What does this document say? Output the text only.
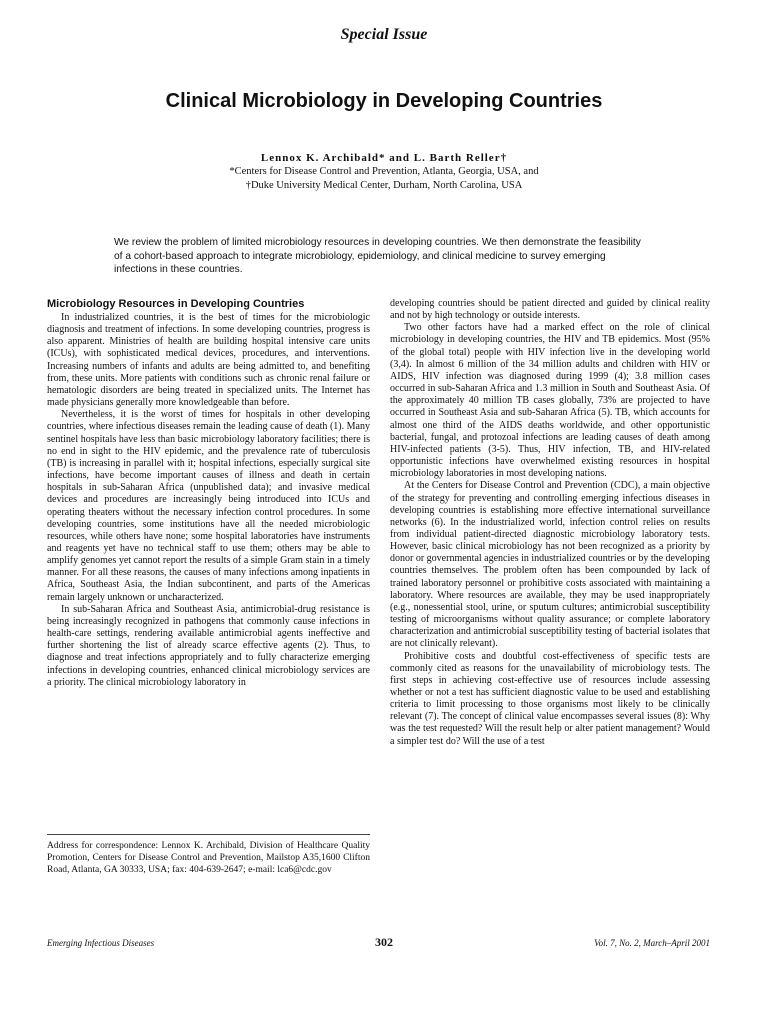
Special Issue
Clinical Microbiology in Developing Countries
Lennox K. Archibald* and L. Barth Reller†
*Centers for Disease Control and Prevention, Atlanta, Georgia, USA, and
†Duke University Medical Center, Durham, North Carolina, USA
We review the problem of limited microbiology resources in developing countries. We then demonstrate the feasibility of a cohort-based approach to integrate microbiology, epidemiology, and clinical medicine to survey emerging infections in these countries.
Microbiology Resources in Developing Countries

In industrialized countries, it is the best of times for the microbiologic diagnosis and treatment of infections. In some developing countries, progress is also apparent. Ministries of health are building hospital intensive care units (ICUs), with sophisticated medical devices, procedures, and interventions. Increasing numbers of infants and adults are being admitted to, and benefiting from, these units. More patients with conditions such as chronic renal failure or hematologic disorders are being treated in specialized units. The Internet has made physicians generally more knowledgeable than before.

Nevertheless, it is the worst of times for hospitals in other developing countries, where infectious diseases remain the leading cause of death (1). Many sentinel hospitals have less than basic microbiology laboratory facilities; there is no end in sight to the HIV epidemic, and the prevalence rate of tuberculosis (TB) is increasing in parallel with it; hospital infections, especially surgical site infections, have become important causes of illness and death in certain hospitals in sub-Saharan Africa (unpublished data); and invasive medical devices and procedures are increasingly being introduced into ICUs and operating theaters without the necessary infection control procedures. In some developing countries, some institutions have all the needed microbiologic resources, while others have none; some hospital laboratories have instruments and reagents yet have no technical staff to use them; others may be able to amplify genomes yet cannot report the results of a simple Gram stain in a timely manner. For all these reasons, the causes of many infections among inpatients in Africa, Southeast Asia, the Indian subcontinent, and parts of the Americas remain largely unknown or uncharacterized.

In sub-Saharan Africa and Southeast Asia, antimicrobial-drug resistance is being increasingly recognized in pathogens that commonly cause infections in health-care settings, rendering available antimicrobial agents ineffective and further shortening the list of already scarce effective agents (2). Thus, to diagnose and treat infections appropriately and to fully characterize emerging infections in developing countries, enhanced clinical microbiology services are a priority. The clinical microbiology laboratory in

Address for correspondence: Lennox K. Archibald, Division of Healthcare Quality Promotion, Centers for Disease Control and Prevention, Mailstop A35,1600 Clifton Road, Atlanta, GA 30333, USA; fax: 404-639-2647; e-mail: lca6@cdc.gov

developing countries should be patient directed and guided by clinical reality and not by high technology or outside interests.

Two other factors have had a marked effect on the role of clinical microbiology in developing countries, the HIV and TB epidemics. Most (95% of the global total) people with HIV infection live in the developing world (3,4). In almost 6 million of the 34 million adults and children with HIV or AIDS, HIV infection was diagnosed during 1999 (4); 3.8 million cases occurred in sub-Saharan Africa and 1.3 million in South and Southeast Asia. Of the approximately 40 million TB cases globally, 73% are projected to have occurred in Southeast Asia and sub-Saharan Africa (5). TB, which accounts for almost one third of the AIDS deaths worldwide, and other opportunistic bacterial, fungal, and protozoal infections are leading causes of death among HIV-infected patients (3-5). Thus, HIV infection, TB, and HIV-related opportunistic infections have overwhelmed existing resources in hospital microbiology laboratories in most developing nations.

At the Centers for Disease Control and Prevention (CDC), a main objective of the strategy for preventing and controlling emerging infectious diseases in developing countries is establishing more effective international surveillance networks (6). In the industrialized world, infection control relies on results from individual patient-directed diagnostic microbiology laboratory tests. However, basic clinical microbiology has not been recognized as a priority by donor or governmental agencies in industrialized countries or by the developing countries themselves. The problem often has been compounded by lack of trained laboratory personnel or prohibitive costs associated with maintaining a laboratory. Where resources are available, they may be used inappropriately (e.g., nonessential stool, urine, or sputum cultures; antimicrobial susceptibility testing of microorganisms without quality assurance; or complete laboratory characterization and antimicrobial susceptibility testing of bacterial isolates that are not clinically relevant).

Prohibitive costs and doubtful cost-effectiveness of specific tests are commonly cited as reasons for the unavailability of microbiology tests. The first steps in achieving cost-effective use of resources include assessing whether or not a test has sufficient diagnostic value to be used and establishing criteria to limit processing to those organisms most likely to be clinically relevant (7). The concept of clinical value encompasses several issues (8): Why was the test requested? Will the result help or alter patient management? Would a simpler test do? Will the use of a test

Emerging Infectious Diseases	302	Vol. 7, No. 2, March–April 2001
